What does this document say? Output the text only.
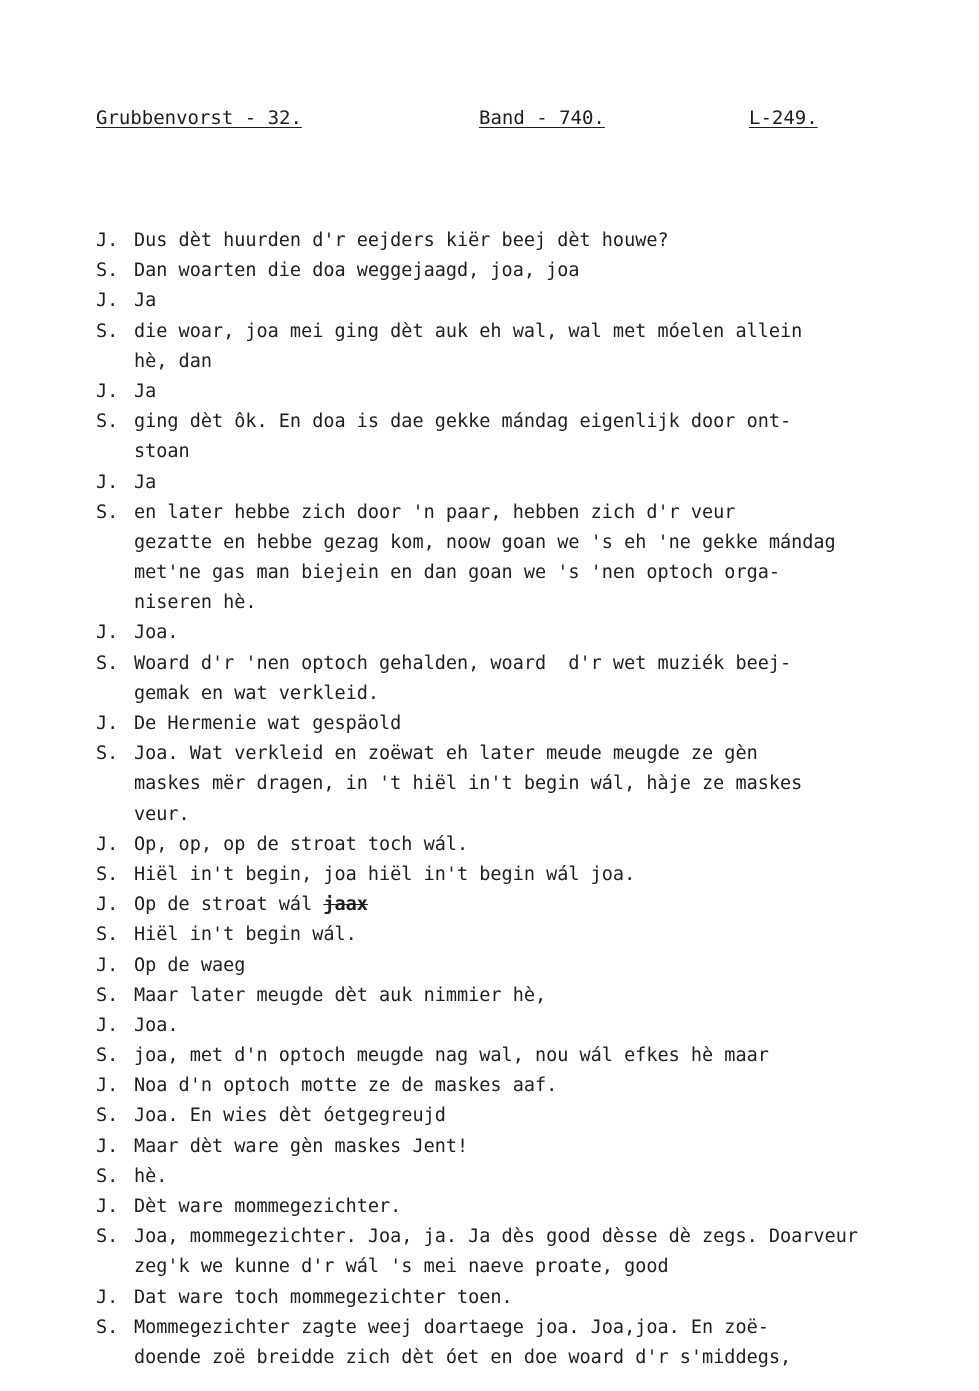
Grubbenvorst - 32.	Band - 740.	L-249.
J. Dus dèt huurden d'r eejders kiër beej dèt houwe?
S. Dan woarten die doa weggejaagd, joa, joa
J. Ja
S. die woar, joa mei ging dèt auk eh wal, wal met móelen allein
hè, dan
J. Ja
S. ging dèt ôk. En doa is dae gekke mándag eigenlijk door ont-
stoan
J. Ja
S. en later hebbe zich door 'n paar, hebben zich d'r veur
gezatte en hebbe gezag kom, noow goan we 's eh 'ne gekke mándag
met'ne gas man biejein en dan goan we 's 'nen optoch orga-
niseren hè.
J. Joa.
S. Woard d'r 'nen optoch gehalden, woard  d'r wet muziék beej-
gemak en wat verkleid.
J. De Hermenie wat gespäold
S. Joa. Wat verkleid en zoëwat eh later meude meugde ze gèn
maskes mër dragen, in 't hiël in't begin wál, hàje ze maskes
veur.
J. Op, op, op de stroat toch wál.
S. Hiël in't begin, joa hiël in't begin wál joa.
J. Op de stroat wál jaax
S. Hiël in't begin wál.
J. Op de waeg
S. Maar later meugde dèt auk nimmier hè,
J. Joa.
S. joa, met d'n optoch meugde nag wal, nou wál efkes hè maar
J. Noa d'n optoch motte ze de maskes aaf.
S. Joa. En wies dèt óetgegreujd
J. Maar dèt ware gèn maskes Jent!
S. hè.
J. Dèt ware mommegezichter.
S. Joa, mommegezichter. Joa, ja. Ja dès good dèsse dè zegs. Doarveur
zeg'k we kunne d'r wál 's mei naeve proate, good
J. Dat ware toch mommegezichter toen.
S. Mommegezichter zagte weej doartaege joa. Joa,joa. En zoë-
doende zoë breidde zich dèt óet en doe woard d'r s'middegs,
